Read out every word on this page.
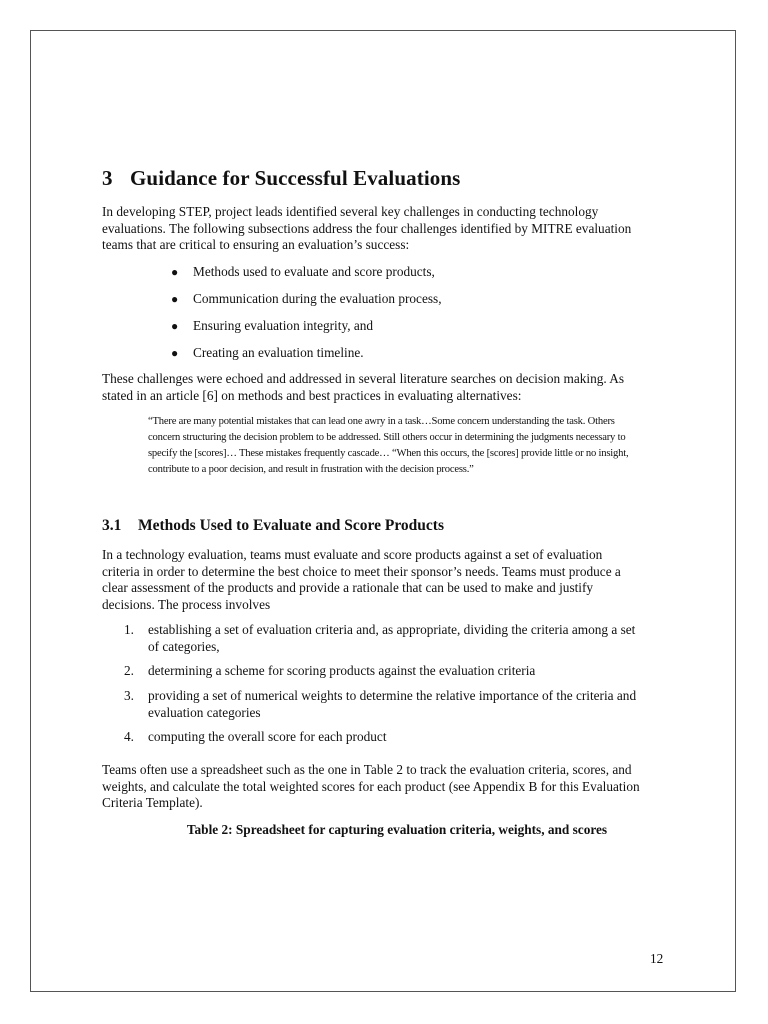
3 Guidance for Successful Evaluations

In developing STEP, project leads identified several key challenges in conducting technology evaluations. The following subsections address the four challenges identified by MITRE evaluation teams that are critical to ensuring an evaluation’s success:

● Methods used to evaluate and score products,
● Communication during the evaluation process,
● Ensuring evaluation integrity, and
● Creating an evaluation timeline.

These challenges were echoed and addressed in several literature searches on decision making. As stated in an article [6] on methods and best practices in evaluating alternatives:

“There are many potential mistakes that can lead one awry in a task…Some concern understanding the task. Others concern structuring the decision problem to be addressed. Still others occur in determining the judgments necessary to specify the [scores]… These mistakes frequently cascade… “When this occurs, the [scores] provide little or no insight, contribute to a poor decision, and result in frustration with the decision process.”
3.1 Methods Used to Evaluate and Score Products

In a technology evaluation, teams must evaluate and score products against a set of evaluation criteria in order to determine the best choice to meet their sponsor’s needs. Teams must produce a clear assessment of the products and provide a rationale that can be used to make and justify decisions. The process involves

1. establishing a set of evaluation criteria and, as appropriate, dividing the criteria among a set of categories,
2. determining a scheme for scoring products against the evaluation criteria
3. providing a set of numerical weights to determine the relative importance of the criteria and evaluation categories
4. computing the overall score for each product

Teams often use a spreadsheet such as the one in Table 2 to track the evaluation criteria, scores, and weights, and calculate the total weighted scores for each product (see Appendix B for this Evaluation Criteria Template).

Table 2: Spreadsheet for capturing evaluation criteria, weights, and scores
12
